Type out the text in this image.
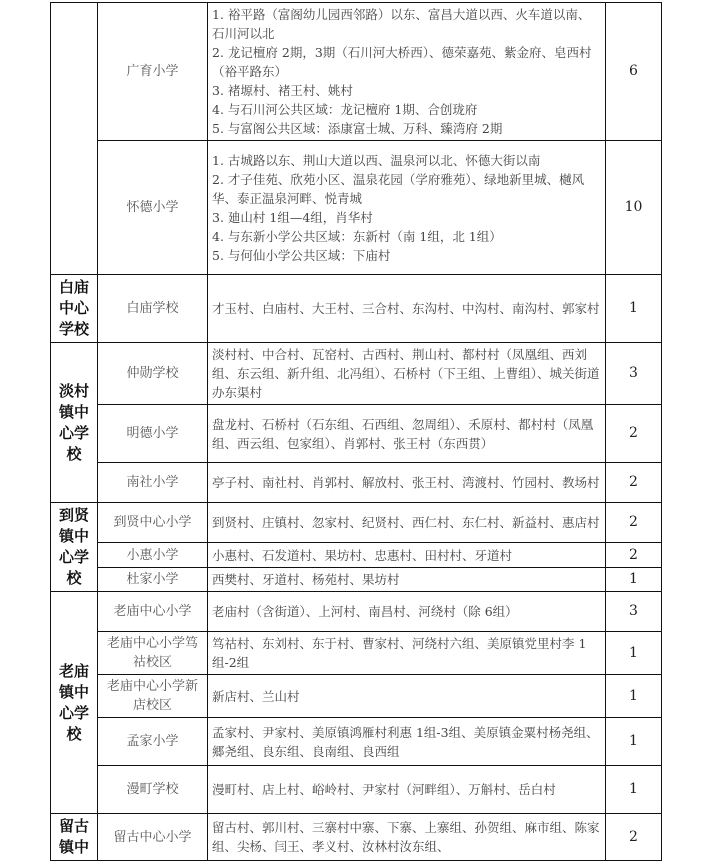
	广育小学	1. 裕平路（富阁幼儿园西邻路）以东、富昌大道以西、火车道以南、石川河以北
2. 龙记檀府 2期，3期（石川河大桥西）、德荣嘉苑、紫金府、皂西村（裕平路东）
3. 褚塬村、褚王村、姚村
4. 与石川河公共区域：龙记檀府 1期、合创珑府
5. 与富阁公共区域：添康富士城、万科、臻湾府 2期	6
	怀德小学	1. 古城路以东、荆山大道以西、温泉河以北、怀德大街以南
2. 才子佳苑、欣苑小区、温泉花园（学府雅苑）、绿地新里城、樾风华、泰正温泉河畔、悦青城
3. 廸山村 1组—4组，肖华村
4. 与东新小学公共区域：东新村（南 1组，北 1组）
5. 与何仙小学公共区域：下庙村	10
白庙中心学校	白庙学校	才玉村、白庙村、大王村、三合村、东沟村、中沟村、南沟村、郭家村	1
淡村镇中心学校	仲勋学校	淡村村、中合村、瓦窑村、古西村、荆山村、都村村（凤凰组、西刘组、东云组、新升组、北冯组）、石桥村（下王组、上曹组）、城关街道办东渠村	3
	明德小学	盘龙村、石桥村（石东组、石西组、忽周组）、禾原村、都村村（凤凰组、西云组、包家组）、肖郭村、张王村（东西贯）	2
	南社小学	亭子村、南社村、肖郭村、解放村、张王村、湾渡村、竹园村、教场村	2
到贤镇中心学校	到贤中心小学	到贤村、庄镇村、忽家村、纪贤村、西仁村、东仁村、新益村、惠店村	2
	小惠小学	小惠村、石发道村、果坊村、忠惠村、田村村、牙道村	2
	杜家小学	西樊村、牙道村、杨苑村、果坊村	1
老庙镇中心学校	老庙中心小学	老庙村（含街道）、上河村、南昌村、河绕村（除 6组）	3
	老庙中心小学笃祜校区	笃祜村、东刘村、东于村、曹家村、河绕村六组、美原镇党里村李 1组-2组	1
	老庙中心小学新店校区	新店村、兰山村	1
	孟家小学	孟家村、尹家村、美原镇鸿雁村利惠 1组-3组、美原镇金粟村杨尧组、郷尧组、良东组、良南组、良西组	1
	漫町学校	漫町村、店上村、峪岭村、尹家村（河畔组）、万斛村、岳白村	1
留古镇中	留古中心小学	留古村、郭川村、三寨村中寨、下寨、上寨组、孙贺组、麻市组、陈家组、尖杨、闫王、孝义村、汝林村汝东组、	2
